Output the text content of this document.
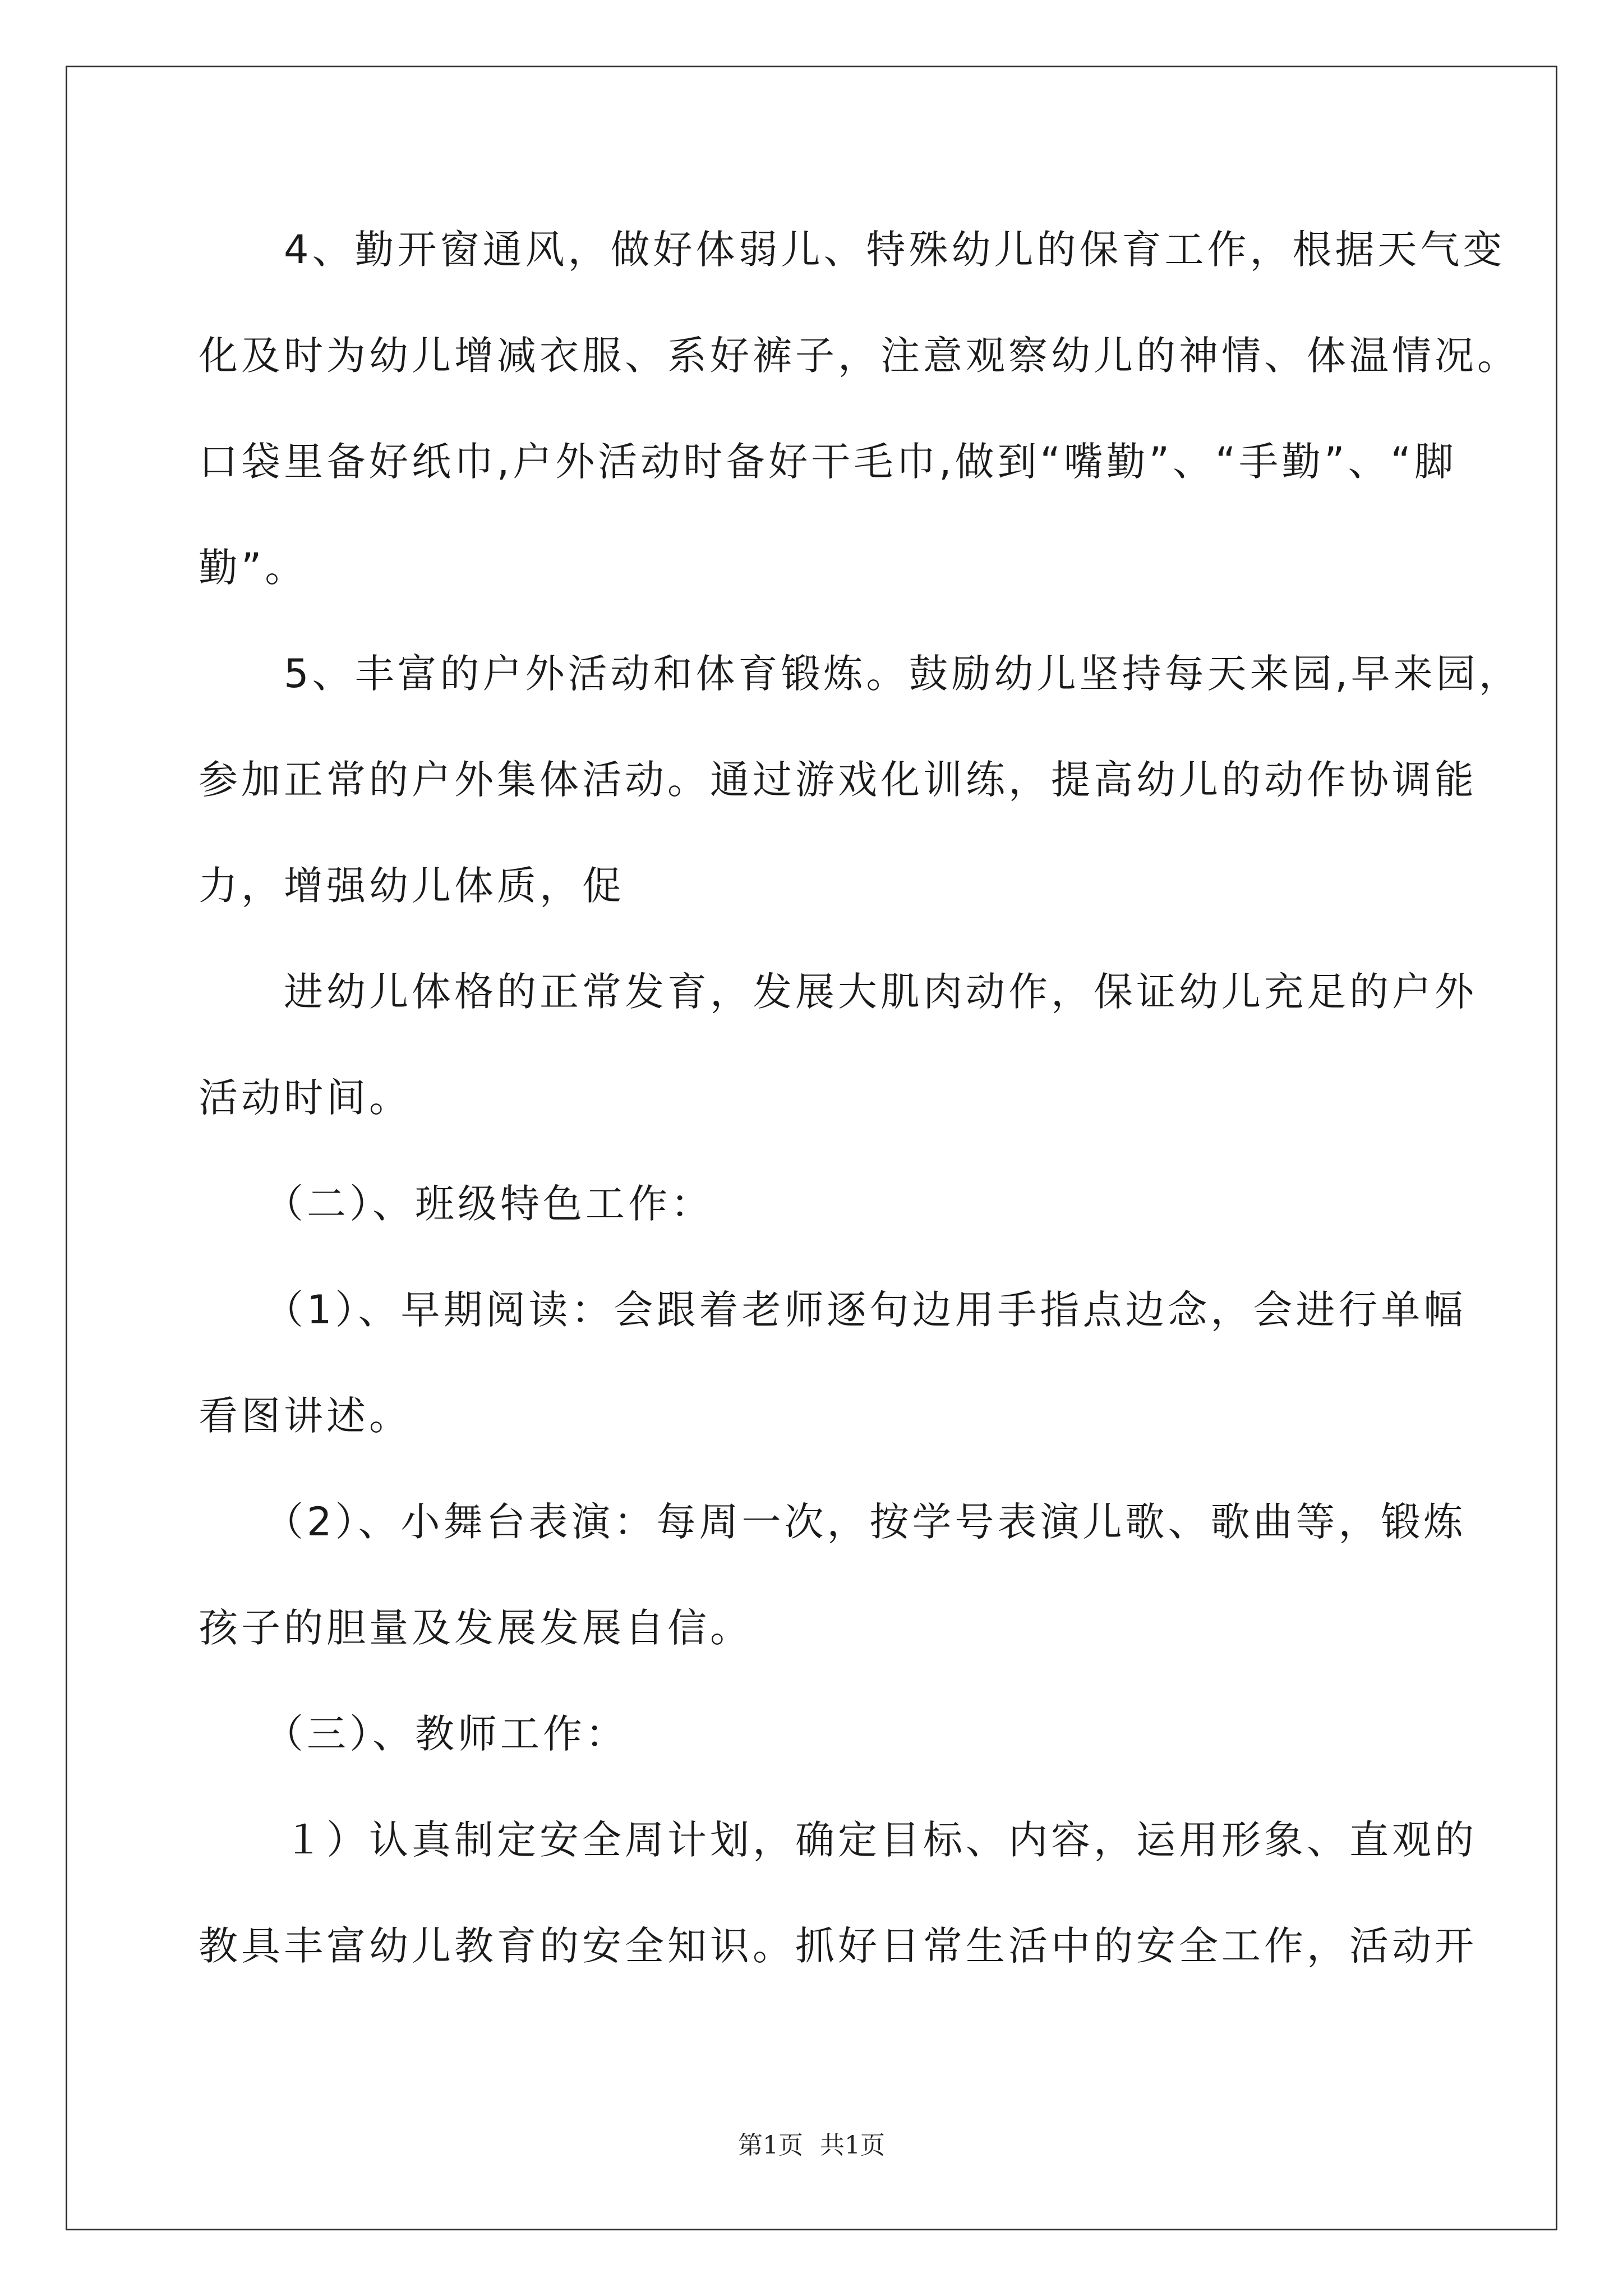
　　4、勤开窗通风，做好体弱儿、特殊幼儿的保育工作，根据天气变
化及时为幼儿增减衣服、系好裤子，注意观察幼儿的神情、体温情况。
口袋里备好纸巾,户外活动时备好干毛巾,做到“嘴勤”、“手勤”、“脚
勤”。
　　5、丰富的户外活动和体育锻炼。鼓励幼儿坚持每天来园,早来园，
参加正常的户外集体活动。通过游戏化训练，提高幼儿的动作协调能
力，增强幼儿体质，促
　　进幼儿体格的正常发育，发展大肌肉动作，保证幼儿充足的户外
活动时间。
　　（二）、班级特色工作：
　　（1）、早期阅读：会跟着老师逐句边用手指点边念，会进行单幅
看图讲述。
　　（2）、小舞台表演：每周一次，按学号表演儿歌、歌曲等，锻炼
孩子的胆量及发展发展自信。
　　（三）、教师工作：
　　１）认真制定安全周计划，确定目标、内容，运用形象、直观的
教具丰富幼儿教育的安全知识。抓好日常生活中的安全工作，活动开
第1页 共1页
